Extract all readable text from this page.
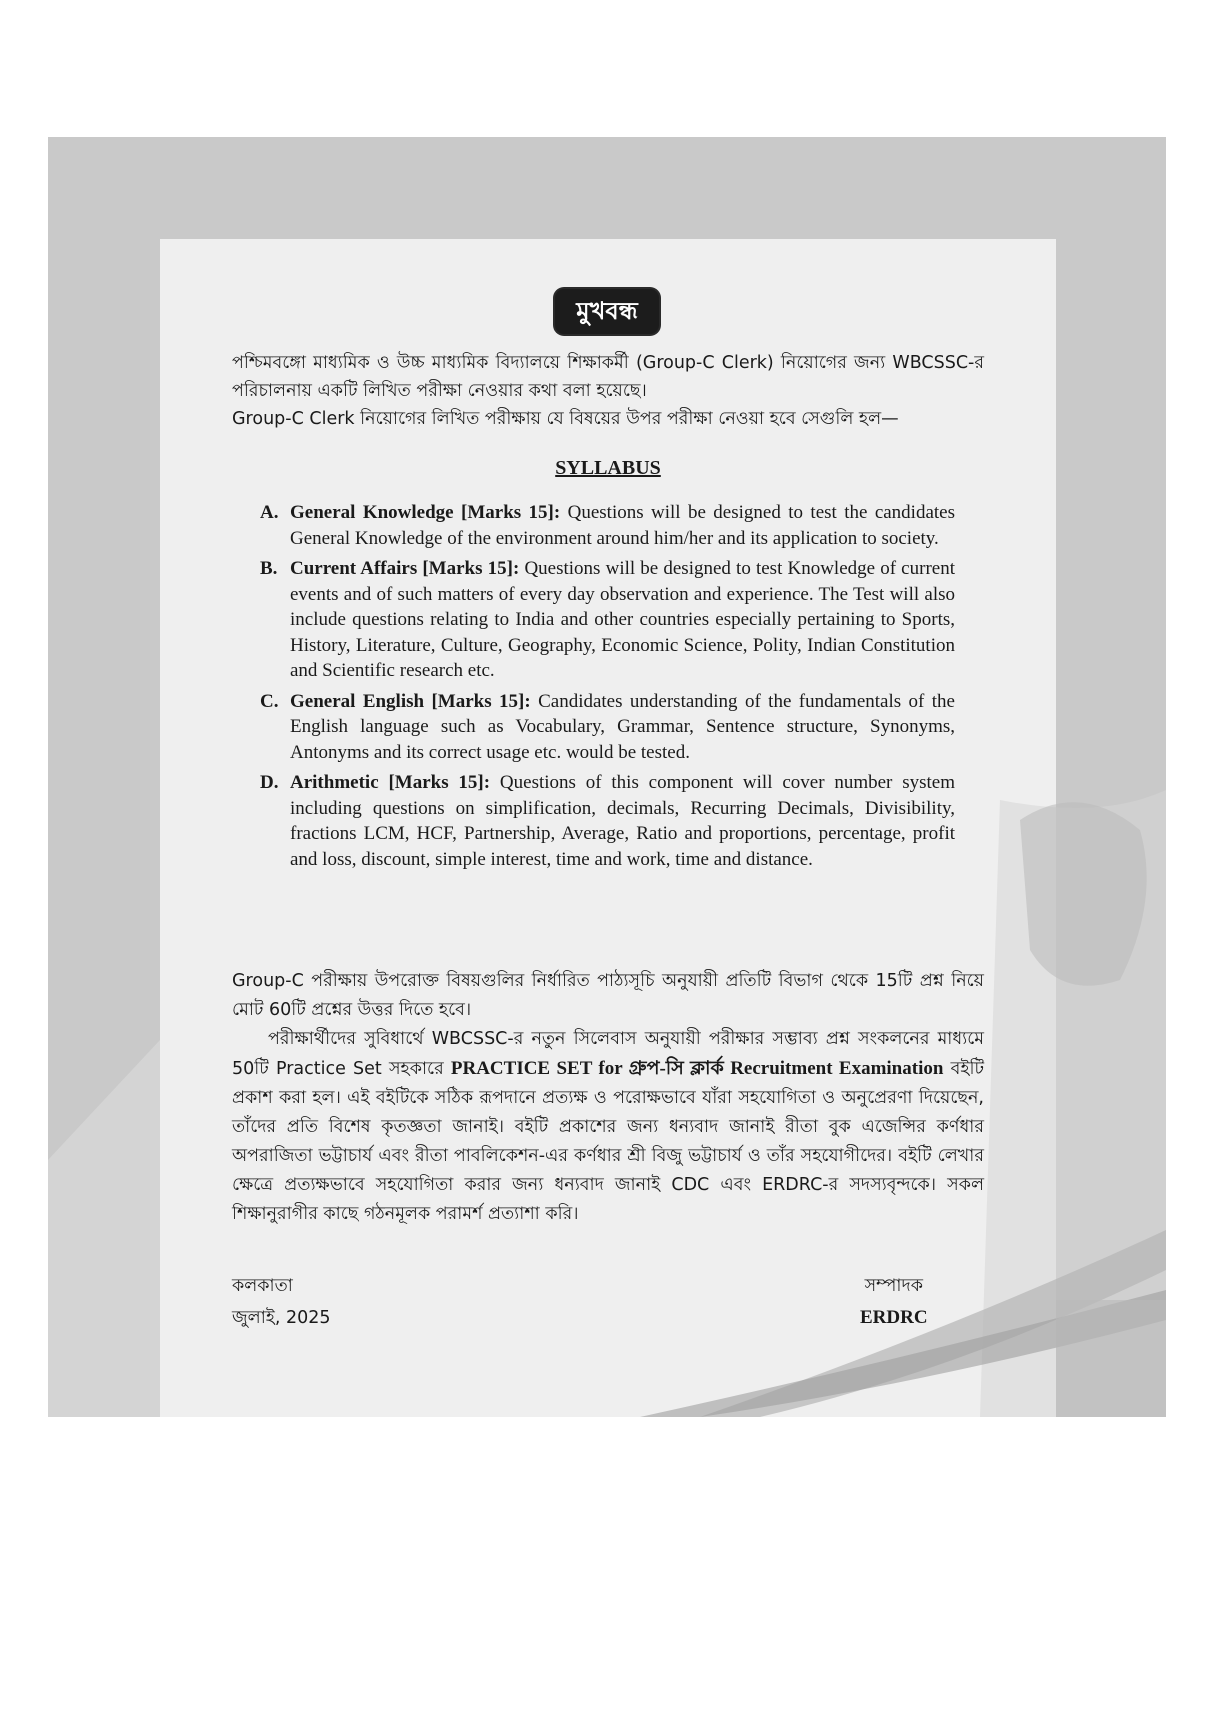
মুখবন্ধ

পশ্চিমবঙ্গো মাধ্যমিক ও উচ্চ মাধ্যমিক বিদ্যালয়ে শিক্ষাকর্মী (Group-C Clerk) নিয়োগের জন্য WBCSSC-র পরিচালনায় একটি লিখিত পরীক্ষা নেওয়ার কথা বলা হয়েছে।

Group-C Clerk নিয়োগের লিখিত পরীক্ষায় যে বিষয়ের উপর পরীক্ষা নেওয়া হবে সেগুলি হল—

SYLLABUS
A. General Knowledge [Marks 15]: Questions will be designed to test the candidates General Knowledge of the environment around him/her and its application to society.
B. Current Affairs [Marks 15]: Questions will be designed to test Knowledge of current events and of such matters of every day observation and experience. The Test will also include questions relating to India and other countries especially pertaining to Sports, History, Literature, Culture, Geography, Economic Science, Polity, Indian Constitution and Scientific research etc.
C. General English [Marks 15]: Candidates understanding of the fundamentals of the English language such as Vocabulary, Grammar, Sentence structure, Synonyms, Antonyms and its correct usage etc. would be tested.
D. Arithmetic [Marks 15]: Questions of this component will cover number system including questions on simplification, decimals, Recurring Decimals, Divisibility, fractions LCM, HCF, Partnership, Average, Ratio and proportions, percentage, profit and loss, discount, simple interest, time and work, time and distance.

Group-C পরীক্ষায় উপরোক্ত বিষয়গুলির নির্ধারিত পাঠ্যসূচি অনুযায়ী প্রতিটি বিভাগ থেকে 15টি প্রশ্ন নিয়ে মোট 60টি প্রশ্নের উত্তর দিতে হবে।

পরীক্ষার্থীদের সুবিধার্থে WBCSSC-র নতুন সিলেবাস অনুযায়ী পরীক্ষার সম্ভাব্য প্রশ্ন সংকলনের মাধ্যমে 50টি Practice Set সহকারে PRACTICE SET for গ্রুপ-সি ক্লার্ক Recruitment Examination বইটি প্রকাশ করা হল। এই বইটিকে সঠিক রূপদানে প্রত্যক্ষ ও পরোক্ষভাবে যাঁরা সহযোগিতা ও অনুপ্রেরণা দিয়েছেন, তাঁদের প্রতি বিশেষ কৃতজ্ঞতা জানাই। বইটি প্রকাশের জন্য ধন্যবাদ জানাই রীতা বুক এজেন্সির কর্ণধার অপরাজিতা ভট্টাচার্য এবং রীতা পাবলিকেশন-এর কর্ণধার শ্রী বিজু ভট্টাচার্য ও তাঁর সহযোগীদের। বইটি লেখার ক্ষেত্রে প্রত্যক্ষভাবে সহযোগিতা করার জন্য ধন্যবাদ জানাই CDC এবং ERDRC-র সদস্যবৃন্দকে। সকল শিক্ষানুরাগীর কাছে গঠনমূলক পরামর্শ প্রত্যাশা করি।

কলকাতা
জুলাই, 2025
সম্পাদক
ERDRC
